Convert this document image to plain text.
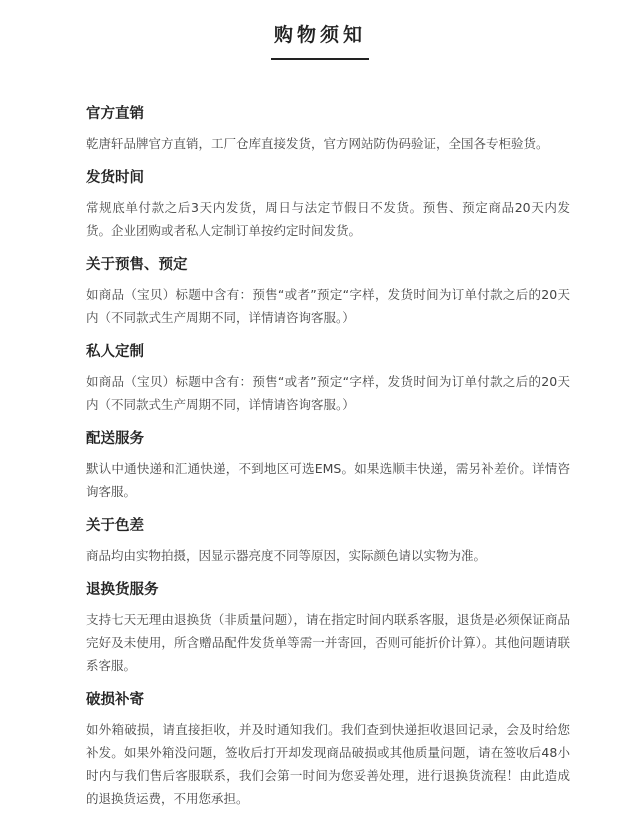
购物须知
官方直销
乾唐轩品牌官方直销，工厂仓库直接发货，官方网站防伪码验证，全国各专柜验货。
发货时间
常规底单付款之后3天内发货，周日与法定节假日不发货。预售、预定商品20天内发货。企业团购或者私人定制订单按约定时间发货。
关于预售、预定
如商品（宝贝）标题中含有：预售“或者”预定“字样，发货时间为订单付款之后的20天内（不同款式生产周期不同，详情请咨询客服。）
私人定制
如商品（宝贝）标题中含有：预售“或者”预定“字样，发货时间为订单付款之后的20天内（不同款式生产周期不同，详情请咨询客服。）
配送服务
默认中通快递和汇通快递，不到地区可选EMS。如果选顺丰快递，需另补差价。详情咨询客服。
关于色差
商品均由实物拍摄，因显示器亮度不同等原因，实际颜色请以实物为准。
退换货服务
支持七天无理由退换货（非质量问题），请在指定时间内联系客服，退货是必须保证商品完好及未使用，所含赠品配件发货单等需一并寄回，否则可能折价计算）。其他问题请联系客服。
破损补寄
如外箱破损，请直接拒收，并及时通知我们。我们查到快递拒收退回记录，会及时给您补发。如果外箱没问题，签收后打开却发现商品破损或其他质量问题，请在签收后48小时内与我们售后客服联系，我们会第一时间为您妥善处理，进行退换货流程！由此造成的退换货运费，不用您承担。
